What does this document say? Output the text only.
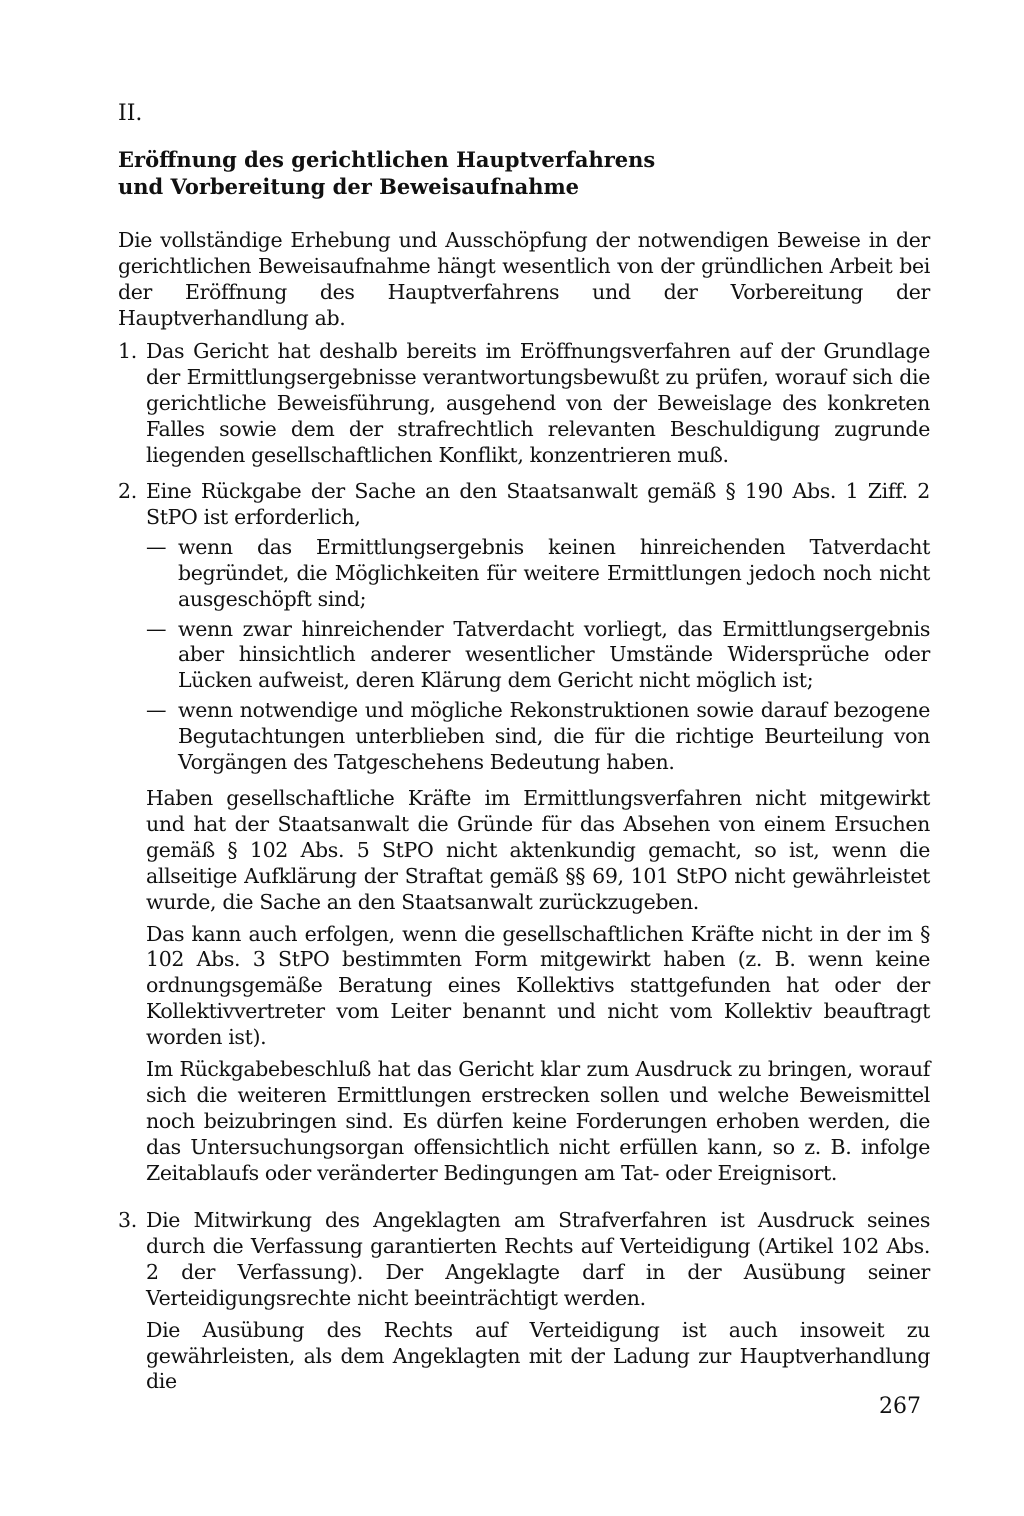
II.
Eröffnung des gerichtlichen Hauptverfahrens
und Vorbereitung der Beweisaufnahme
Die vollständige Erhebung und Ausschöpfung der notwendigen Beweise in der gerichtlichen Beweisaufnahme hängt wesentlich von der gründlichen Arbeit bei der Eröffnung des Hauptverfahrens und der Vorbereitung der Hauptverhandlung ab.
1. Das Gericht hat deshalb bereits im Eröffnungsverfahren auf der Grundlage der Ermittlungsergebnisse verantwortungsbewußt zu prüfen, worauf sich die gerichtliche Beweisführung, ausgehend von der Beweislage des konkreten Falles sowie dem der strafrechtlich relevanten Beschuldigung zugrunde liegenden gesellschaftlichen Konflikt, konzentrieren muß.
2. Eine Rückgabe der Sache an den Staatsanwalt gemäß § 190 Abs. 1 Ziff. 2 StPO ist erforderlich,
— wenn das Ermittlungsergebnis keinen hinreichenden Tatverdacht begründet, die Möglichkeiten für weitere Ermittlungen jedoch noch nicht ausgeschöpft sind;
— wenn zwar hinreichender Tatverdacht vorliegt, das Ermittlungsergebnis aber hinsichtlich anderer wesentlicher Umstände Widersprüche oder Lücken aufweist, deren Klärung dem Gericht nicht möglich ist;
— wenn notwendige und mögliche Rekonstruktionen sowie darauf bezogene Begutachtungen unterblieben sind, die für die richtige Beurteilung von Vorgängen des Tatgeschehens Bedeutung haben.
Haben gesellschaftliche Kräfte im Ermittlungsverfahren nicht mitgewirkt und hat der Staatsanwalt die Gründe für das Absehen von einem Ersuchen gemäß § 102 Abs. 5 StPO nicht aktenkundig gemacht, so ist, wenn die allseitige Aufklärung der Straftat gemäß §§ 69, 101 StPO nicht gewährleistet wurde, die Sache an den Staatsanwalt zurückzugeben.
Das kann auch erfolgen, wenn die gesellschaftlichen Kräfte nicht in der im § 102 Abs. 3 StPO bestimmten Form mitgewirkt haben (z. B. wenn keine ordnungsgemäße Beratung eines Kollektivs stattgefunden hat oder der Kollektivvertreter vom Leiter benannt und nicht vom Kollektiv beauftragt worden ist).
Im Rückgabebeschluß hat das Gericht klar zum Ausdruck zu bringen, worauf sich die weiteren Ermittlungen erstrecken sollen und welche Beweismittel noch beizubringen sind. Es dürfen keine Forderungen erhoben werden, die das Untersuchungsorgan offensichtlich nicht erfüllen kann, so z. B. infolge Zeitablaufs oder veränderter Bedingungen am Tat- oder Ereignisort.
3. Die Mitwirkung des Angeklagten am Strafverfahren ist Ausdruck seines durch die Verfassung garantierten Rechts auf Verteidigung (Artikel 102 Abs. 2 der Verfassung). Der Angeklagte darf in der Ausübung seiner Verteidigungsrechte nicht beeinträchtigt werden.
Die Ausübung des Rechts auf Verteidigung ist auch insoweit zu gewährleisten, als dem Angeklagten mit der Ladung zur Hauptverhandlung die
267
